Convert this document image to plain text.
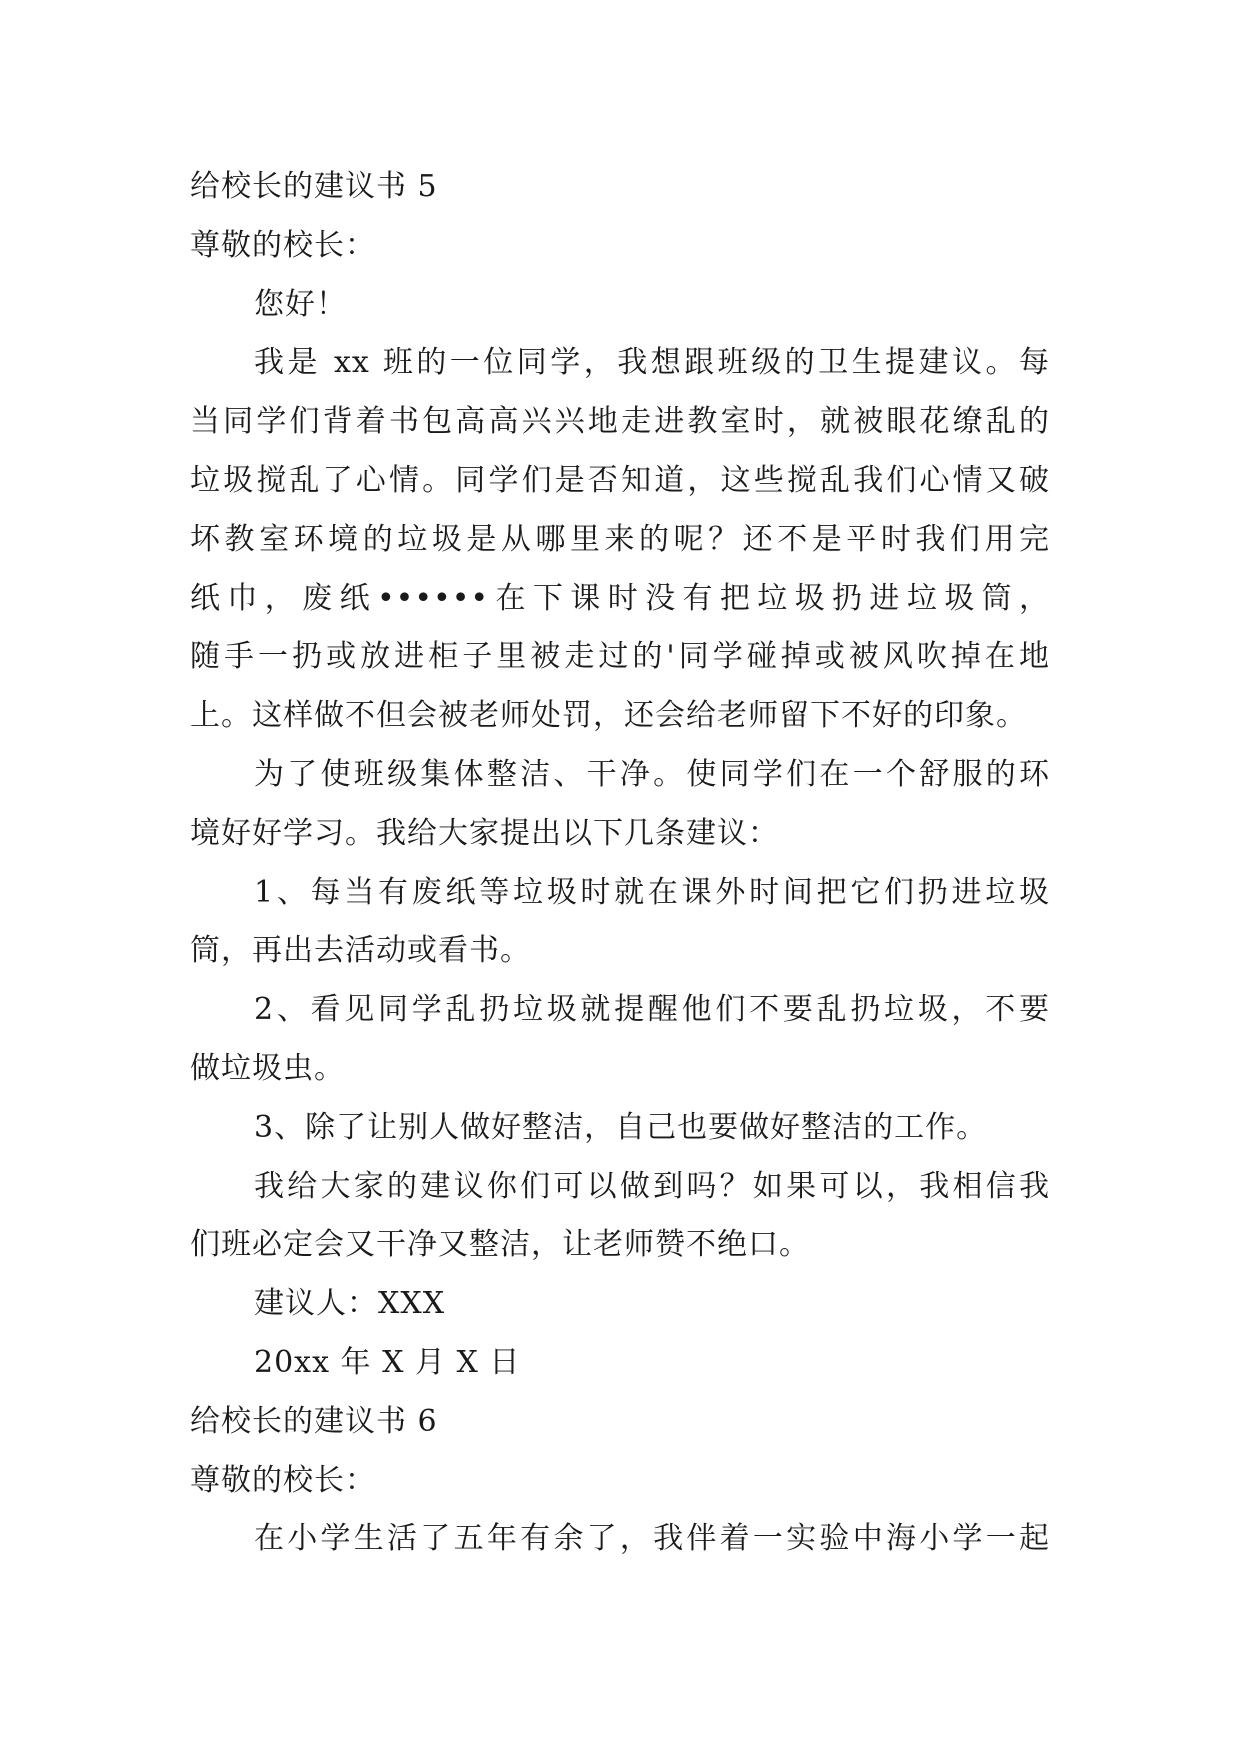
给校长的建议书 5
尊敬的校长：
您好！
我是 xx 班的一位同学，我想跟班级的卫生提建议。每
当同学们背着书包高高兴兴地走进教室时，就被眼花缭乱的
垃圾搅乱了心情。同学们是否知道，这些搅乱我们心情又破
坏教室环境的垃圾是从哪里来的呢？还不是平时我们用完
纸巾，废纸••••••在下课时没有把垃圾扔进垃圾筒，
随手一扔或放进柜子里被走过的'同学碰掉或被风吹掉在地
上。这样做不但会被老师处罚，还会给老师留下不好的印象。
为了使班级集体整洁、干净。使同学们在一个舒服的环
境好好学习。我给大家提出以下几条建议：
1、每当有废纸等垃圾时就在课外时间把它们扔进垃圾
筒，再出去活动或看书。
2、看见同学乱扔垃圾就提醒他们不要乱扔垃圾，不要
做垃圾虫。
3、除了让别人做好整洁，自己也要做好整洁的工作。
我给大家的建议你们可以做到吗？如果可以，我相信我
们班必定会又干净又整洁，让老师赞不绝口。
建议人：XXX
20xx 年 X 月 X 日
给校长的建议书 6
尊敬的校长：
在小学生活了五年有余了，我伴着一实验中海小学一起
